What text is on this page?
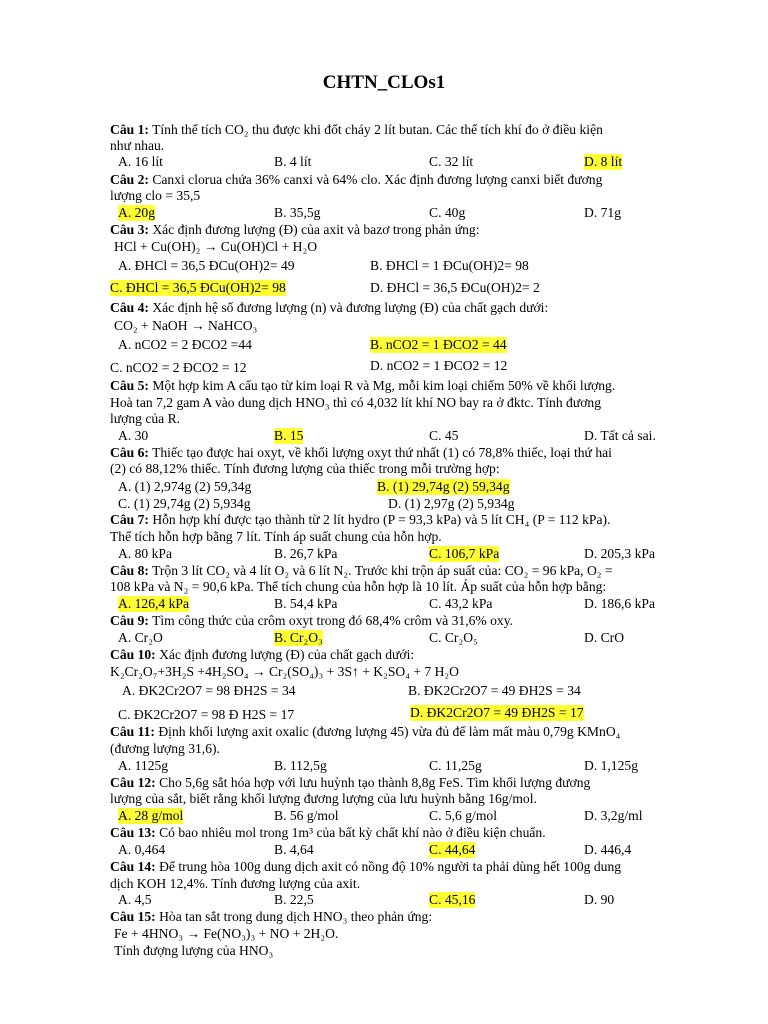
CHTN_CLOs1
Câu 1: Tính thể tích CO₂ thu được khi đốt cháy 2 lít butan. Các thể tích khí đo ở điều kiện
như nhau.
A. 16 lít	B. 4 lít	C. 32 lít	D. 8 lít
Câu 2: Canxi clorua chứa 36% canxi và 64% clo. Xác định đương lượng canxi biết đương
lượng clo = 35,5
A. 20g	B. 35,5g	C. 40g	D. 71g
Câu 3: Xác định đương lượng (Đ) của axit và bazơ trong phản ứng:
HCl + Cu(OH)₂ → Cu(OH)Cl + H₂O
A. ĐHCl = 36,5 ĐCu(OH)2= 49	B. ĐHCl = 1 ĐCu(OH)2= 98
C. ĐHCl = 36,5 ĐCu(OH)2= 98	D. ĐHCl = 36,5 ĐCu(OH)2= 2
Câu 4: Xác định hệ số đương lượng (n) và đương lượng (Đ) của chất gạch dưới:
CO₂ + NaOH → NaHCO₃
A. nCO2 = 2 ĐCO2 =44	B. nCO2 = 1 ĐCO2 = 44
C. nCO2 = 2 ĐCO2 = 12	D. nCO2 = 1 ĐCO2 = 12
Câu 5: Một hợp kim A cấu tạo từ kim loại R và Mg, mỗi kim loại chiếm 50% về khối lượng.
Hoà tan 7,2 gam A vào dung dịch HNO₃ thì có 4,032 lít khí NO bay ra ở đktc. Tính đương
lượng của R.
A. 30	B. 15	C. 45	D. Tất cả sai.
Câu 6: Thiếc tạo được hai oxyt, về khối lượng oxyt thứ nhất (1) có 78,8% thiếc, loại thứ hai
(2) có 88,12% thiếc. Tính đương lượng của thiếc trong mỗi trường hợp:
A. (1) 2,974g (2) 59,34g	B. (1) 29,74g (2) 59,34g
C. (1) 29,74g (2) 5,934g	D. (1) 2,97g (2) 5,934g
Câu 7: Hỗn hợp khí được tạo thành từ 2 lít hydro (P = 93,3 kPa) và 5 lít CH₄ (P = 112 kPa).
Thể tích hỗn hợp bằng 7 lít. Tính áp suất chung của hỗn hợp.
A. 80 kPa	B. 26,7 kPa	C. 106,7 kPa	D. 205,3 kPa
Câu 8: Trộn 3 lít CO₂ và 4 lít O₂ và 6 lít N₂. Trước khi trộn áp suất của: CO₂ = 96 kPa, O₂ =
108 kPa và N₂ = 90,6 kPa. Thể tích chung của hỗn hợp là 10 lít. Áp suất của hỗn hợp bằng:
A. 126,4 kPa	B. 54,4 kPa	C. 43,2 kPa	D. 186,6 kPa
Câu 9: Tìm công thức của crôm oxyt trong đó 68,4% crôm và 31,6% oxy.
A. Cr₂O	B. Cr₂O₃	C. Cr₂O₅	D. CrO
Câu 10: Xác định đương lượng (Đ) của chất gạch dưới:
K₂Cr₂O₇+3H₂S +4H₂SO₄ → Cr₂(SO₄)₃ + 3S↑ + K₂SO₄ + 7 H₂O
A. ĐK2Cr2O7 = 98 ĐH2S = 34	B. ĐK2Cr2O7 = 49 ĐH2S = 34
C. ĐK2Cr2O7 = 98 Đ H2S = 17	D. ĐK2Cr2O7 = 49 ĐH2S = 17
Câu 11: Định khối lượng axit oxalic (đương lượng 45) vừa đủ để làm mất màu 0,79g KMnO₄
(đương lượng 31,6).
A. 1125g	B. 112,5g	C. 11,25g	D. 1,125g
Câu 12: Cho 5,6g sắt hóa hợp với lưu huỳnh tạo thành 8,8g FeS. Tìm khối lượng đương
lượng của sắt, biết rằng khối lượng đương lượng của lưu huỳnh bằng 16g/mol.
A. 28 g/mol	B. 56 g/mol	C. 5,6 g/mol	D. 3,2g/ml
Câu 13: Có bao nhiêu mol trong 1m³ của bất kỳ chất khí nào ở điều kiện chuẩn.
A. 0,464	B. 4,64	C. 44,64	D. 446,4
Câu 14: Để trung hòa 100g dung dịch axit có nồng độ 10% người ta phải dùng hết 100g dung
dịch KOH 12,4%. Tính đương lượng của axit.
A. 4,5	B. 22,5	C. 45,16	D. 90
Câu 15: Hòa tan sắt trong dung dịch HNO₃ theo phản ứng:
Fe + 4HNO₃ → Fe(NO₃)₃ + NO + 2H₂O.
Tính đượng lượng của HNO₃
